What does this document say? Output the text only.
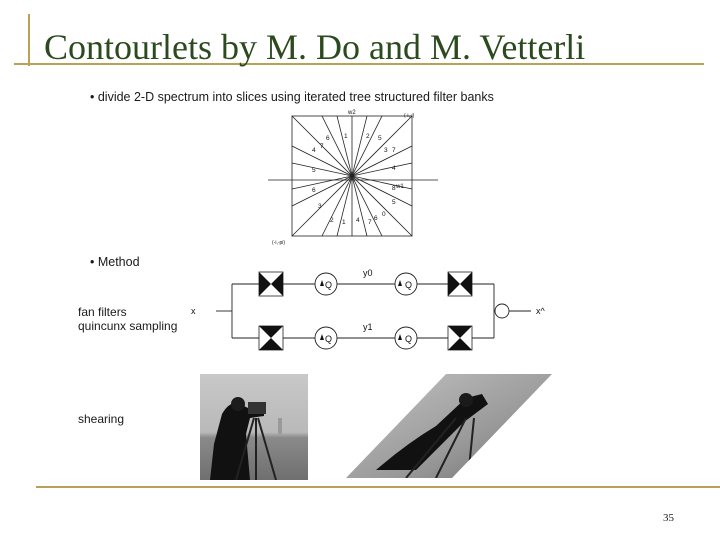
Contourlets by M. Do and M. Vetterli
• divide 2-D spectrum into slices using iterated tree structured filter banks
• Method
fan filters
quincunx sampling
shearing
w2
w1
(-i,-i)
(-i,-pi)
1	2 5
3 7
4
8
5
6
7
4
0
1
2
3
6
5
4
6
7
Q
Q
Q
Q
x	x^
y0
y1
35
